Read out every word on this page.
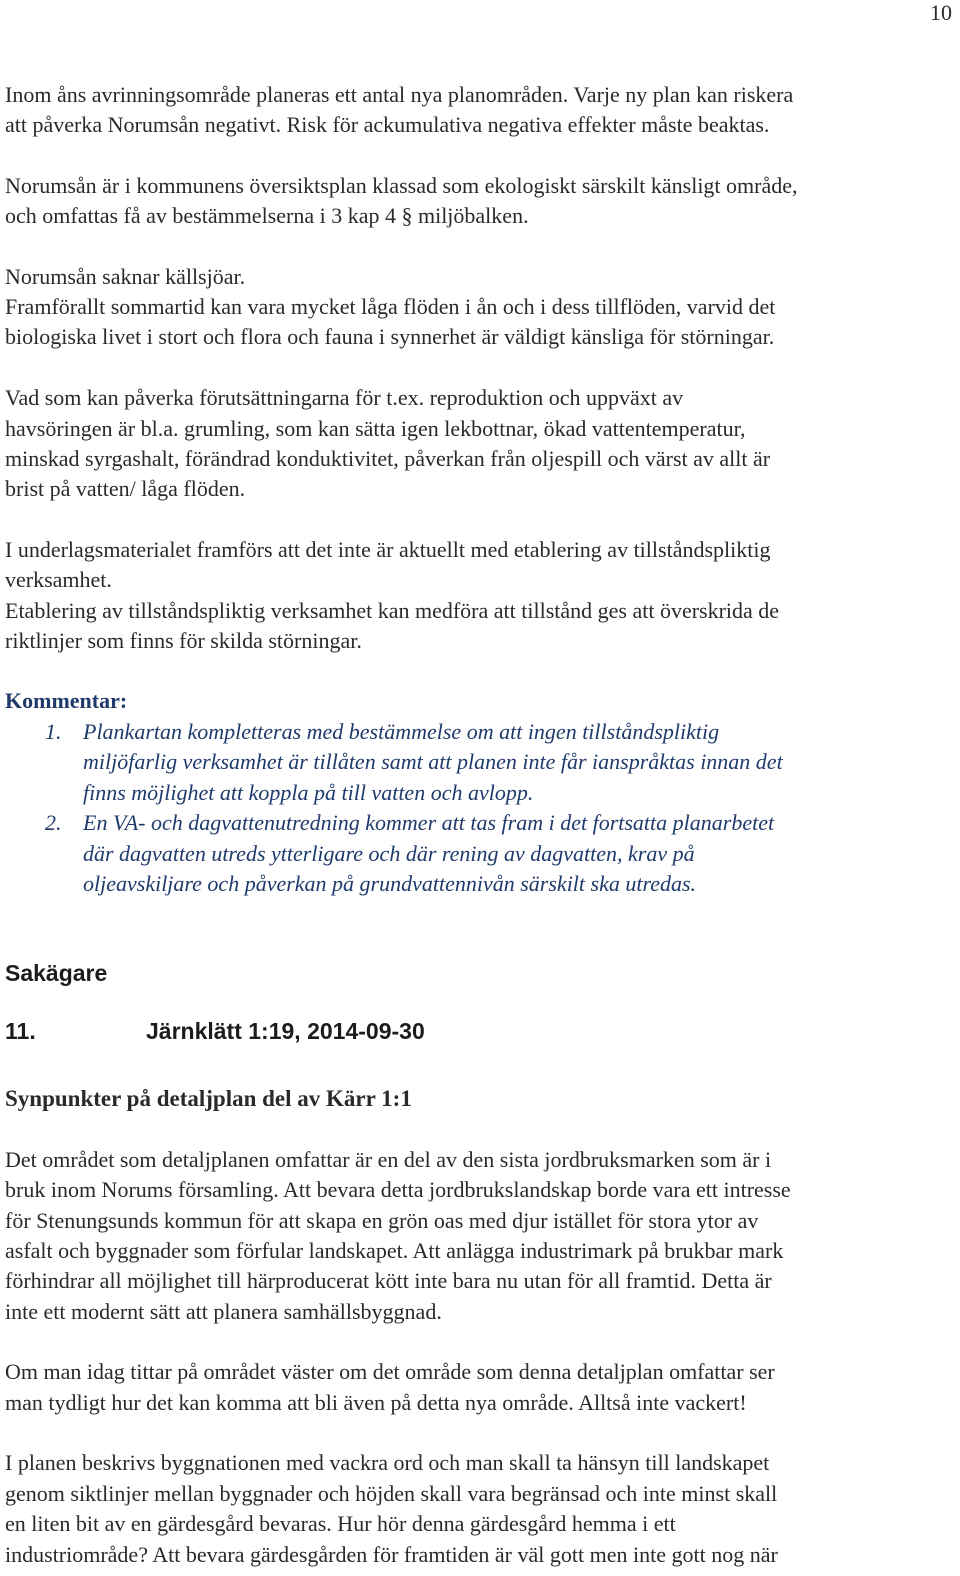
10
Inom åns avrinningsområde planeras ett antal nya planområden. Varje ny plan kan riskera
att påverka Norumsån negativt. Risk för ackumulativa negativa effekter måste beaktas.
Norumsån är i kommunens översiktsplan klassad som ekologiskt särskilt känsligt område,
och omfattas få av bestämmelserna i 3 kap 4 § miljöbalken.
Norumsån saknar källsjöar.
Framförallt sommartid kan vara mycket låga flöden i ån och i dess tillflöden, varvid det
biologiska livet i stort och flora och fauna i synnerhet är väldigt känsliga för störningar.
Vad som kan påverka förutsättningarna för t.ex. reproduktion och uppväxt av
havsöringen är bl.a. grumling, som kan sätta igen lekbottnar, ökad vattentemperatur,
minskad syrgashalt, förändrad konduktivitet, påverkan från oljespill och värst av allt är
brist på vatten/ låga flöden.
I underlagsmaterialet framförs att det inte är aktuellt med etablering av tillståndspliktig
verksamhet.
Etablering av tillståndspliktig verksamhet kan medföra att tillstånd ges att överskrida de
riktlinjer som finns för skilda störningar.
Kommentar:
1. Plankartan kompletteras med bestämmelse om att ingen tillståndspliktig
miljöfarlig verksamhet är tillåten samt att planen inte får ianspråktas innan det
finns möjlighet att koppla på till vatten och avlopp.
2. En VA- och dagvattenutredning kommer att tas fram i det fortsatta planarbetet
där dagvatten utreds ytterligare och där rening av dagvatten, krav på
oljeavskiljare och påverkan på grundvattennivån särskilt ska utredas.
Sakägare
11.	Järnklätt 1:19, 2014-09-30
Synpunkter på detaljplan del av Kärr 1:1
Det området som detaljplanen omfattar är en del av den sista jordbruksmarken som är i
bruk inom Norums församling. Att bevara detta jordbrukslandskap borde vara ett intresse
för Stenungsunds kommun för att skapa en grön oas med djur istället för stora ytor av
asfalt och byggnader som förfular landskapet. Att anlägga industrimark på brukbar mark
förhindrar all möjlighet till härproducerat kött inte bara nu utan för all framtid. Detta är
inte ett modernt sätt att planera samhällsbyggnad.
Om man idag tittar på området väster om det område som denna detaljplan omfattar ser
man tydligt hur det kan komma att bli även på detta nya område. Alltså inte vackert!
I planen beskrivs byggnationen med vackra ord och man skall ta hänsyn till landskapet
genom siktlinjer mellan byggnader och höjden skall vara begränsad och inte minst skall
en liten bit av en gärdesgård bevaras. Hur hör denna gärdesgård hemma i ett
industriområde? Att bevara gärdesgården för framtiden är väl gott men inte gott nog när
